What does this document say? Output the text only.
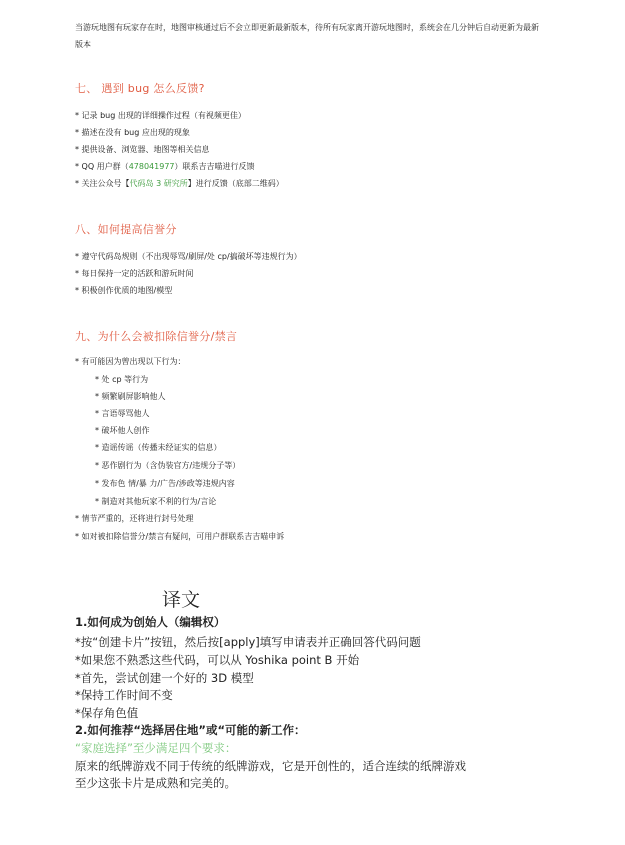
当游玩地图有玩家存在时，地图审核通过后不会立即更新最新版本，待所有玩家离开游玩地图时，系统会在几分钟后自动更新为最新版本
七、 遇到 bug 怎么反馈?
* 记录 bug 出现的详细操作过程（有视频更佳）
* 描述在没有 bug 应出现的现象
* 提供设备、浏览器、地图等相关信息
* QQ 用户群（478041977）联系吉吉喵进行反馈
* 关注公众号【代码岛 3 研究所】进行反馈（底部二维码）
八、如何提高信誉分
* 遵守代码岛规则（不出现辱骂/刷屏/处 cp/搞破坏等违规行为）
* 每日保持一定的活跃和游玩时间
* 积极创作优质的地图/模型
九、为什么会被扣除信誉分/禁言
* 有可能因为曾出现以下行为：
* 处 cp 等行为
* 频繁刷屏影响他人
* 言语辱骂他人
* 破坏他人创作
* 造谣传谣（传播未经证实的信息）
* 恶作剧行为（含伪装官方/违规分子等）
* 发布色 情/暴 力/广告/涉政等违规内容
* 制造对其他玩家不利的行为/言论
* 情节严重的，还将进行封号处理
* 如对被扣除信誉分/禁言有疑问，可用户群联系吉吉喵申诉
译文
1.如何成为创始人（编辑权）
*按“创建卡片”按钮，然后按[apply]填写申请表并正确回答代码问题
*如果您不熟悉这些代码，可以从 Yoshika point B 开始
*首先，尝试创建一个好的 3D 模型
*保持工作时间不变
*保存角色值
2.如何推荐“选择居住地”或“可能的新工作：
“家庭选择”至少满足四个要求：
原来的纸牌游戏不同于传统的纸牌游戏，它是开创性的，适合连续的纸牌游戏
至少这张卡片是成熟和完美的。
